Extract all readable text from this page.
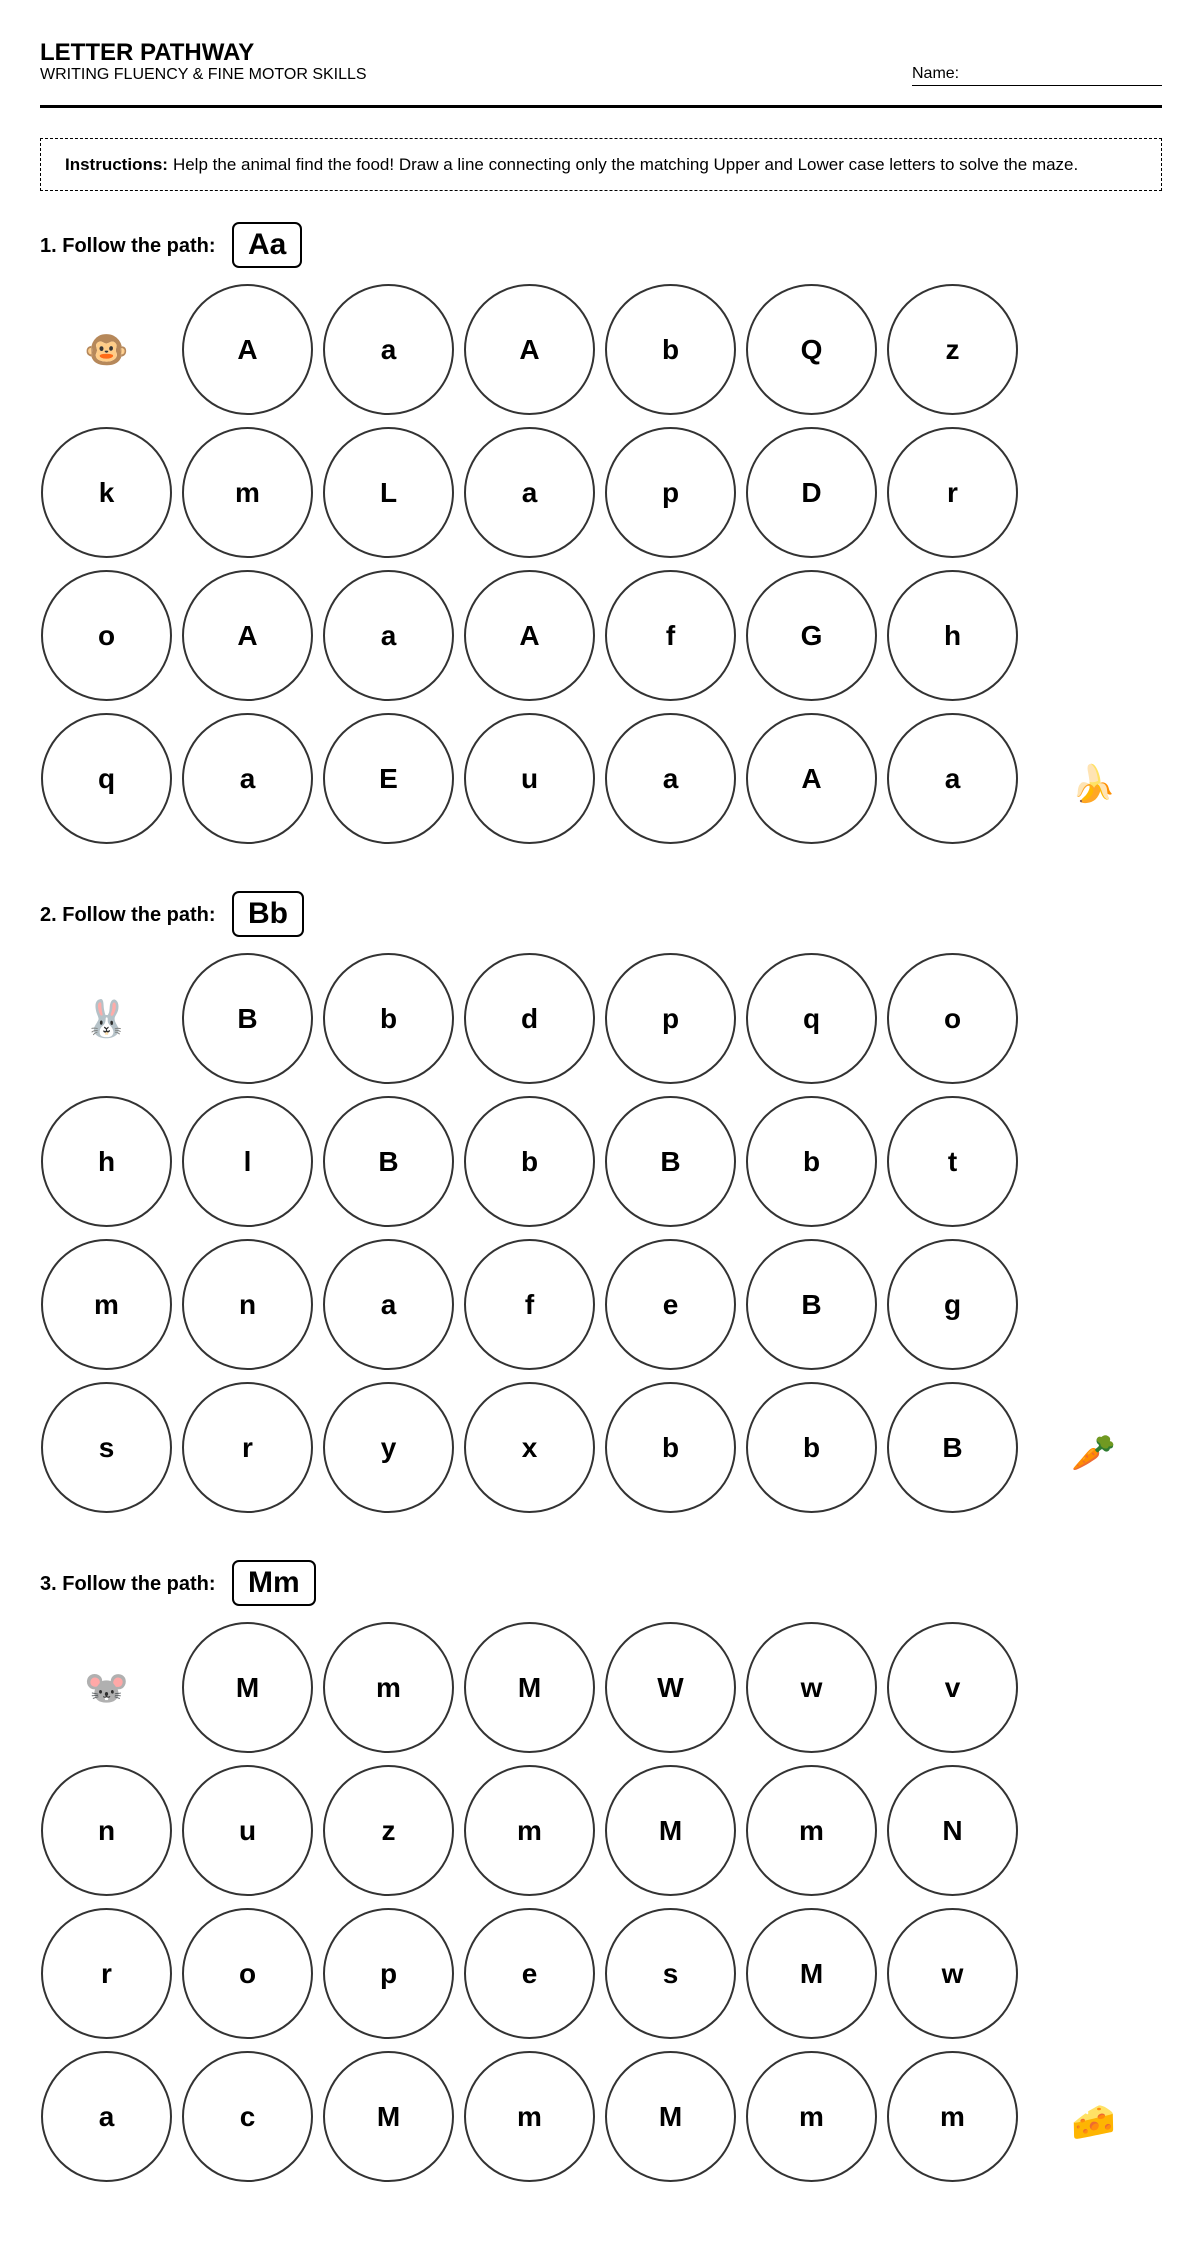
LETTER PATHWAY
WRITING FLUENCY & FINE MOTOR SKILLS	Name:
Instructions: Help the animal find the food! Draw a line connecting only the matching Upper and Lower case letters to solve the maze.
1. Follow the path:	Aa
🐵	A	a	A	b	Q	z
k	m	L	a	p	D	r
o	A	a	A	f	G	h
q	a	E	u	a	A	a	🍌
2. Follow the path:	Bb
🐰	B	b	d	p	q	o
h	l	B	b	B	b	t
m	n	a	f	e	B	g
s	r	y	x	b	b	B	🥕
3. Follow the path:	Mm
🐭	M	m	M	W	w	v
n	u	z	m	M	m	N
r	o	p	e	s	M	w
a	c	M	m	M	m	m	🧀
